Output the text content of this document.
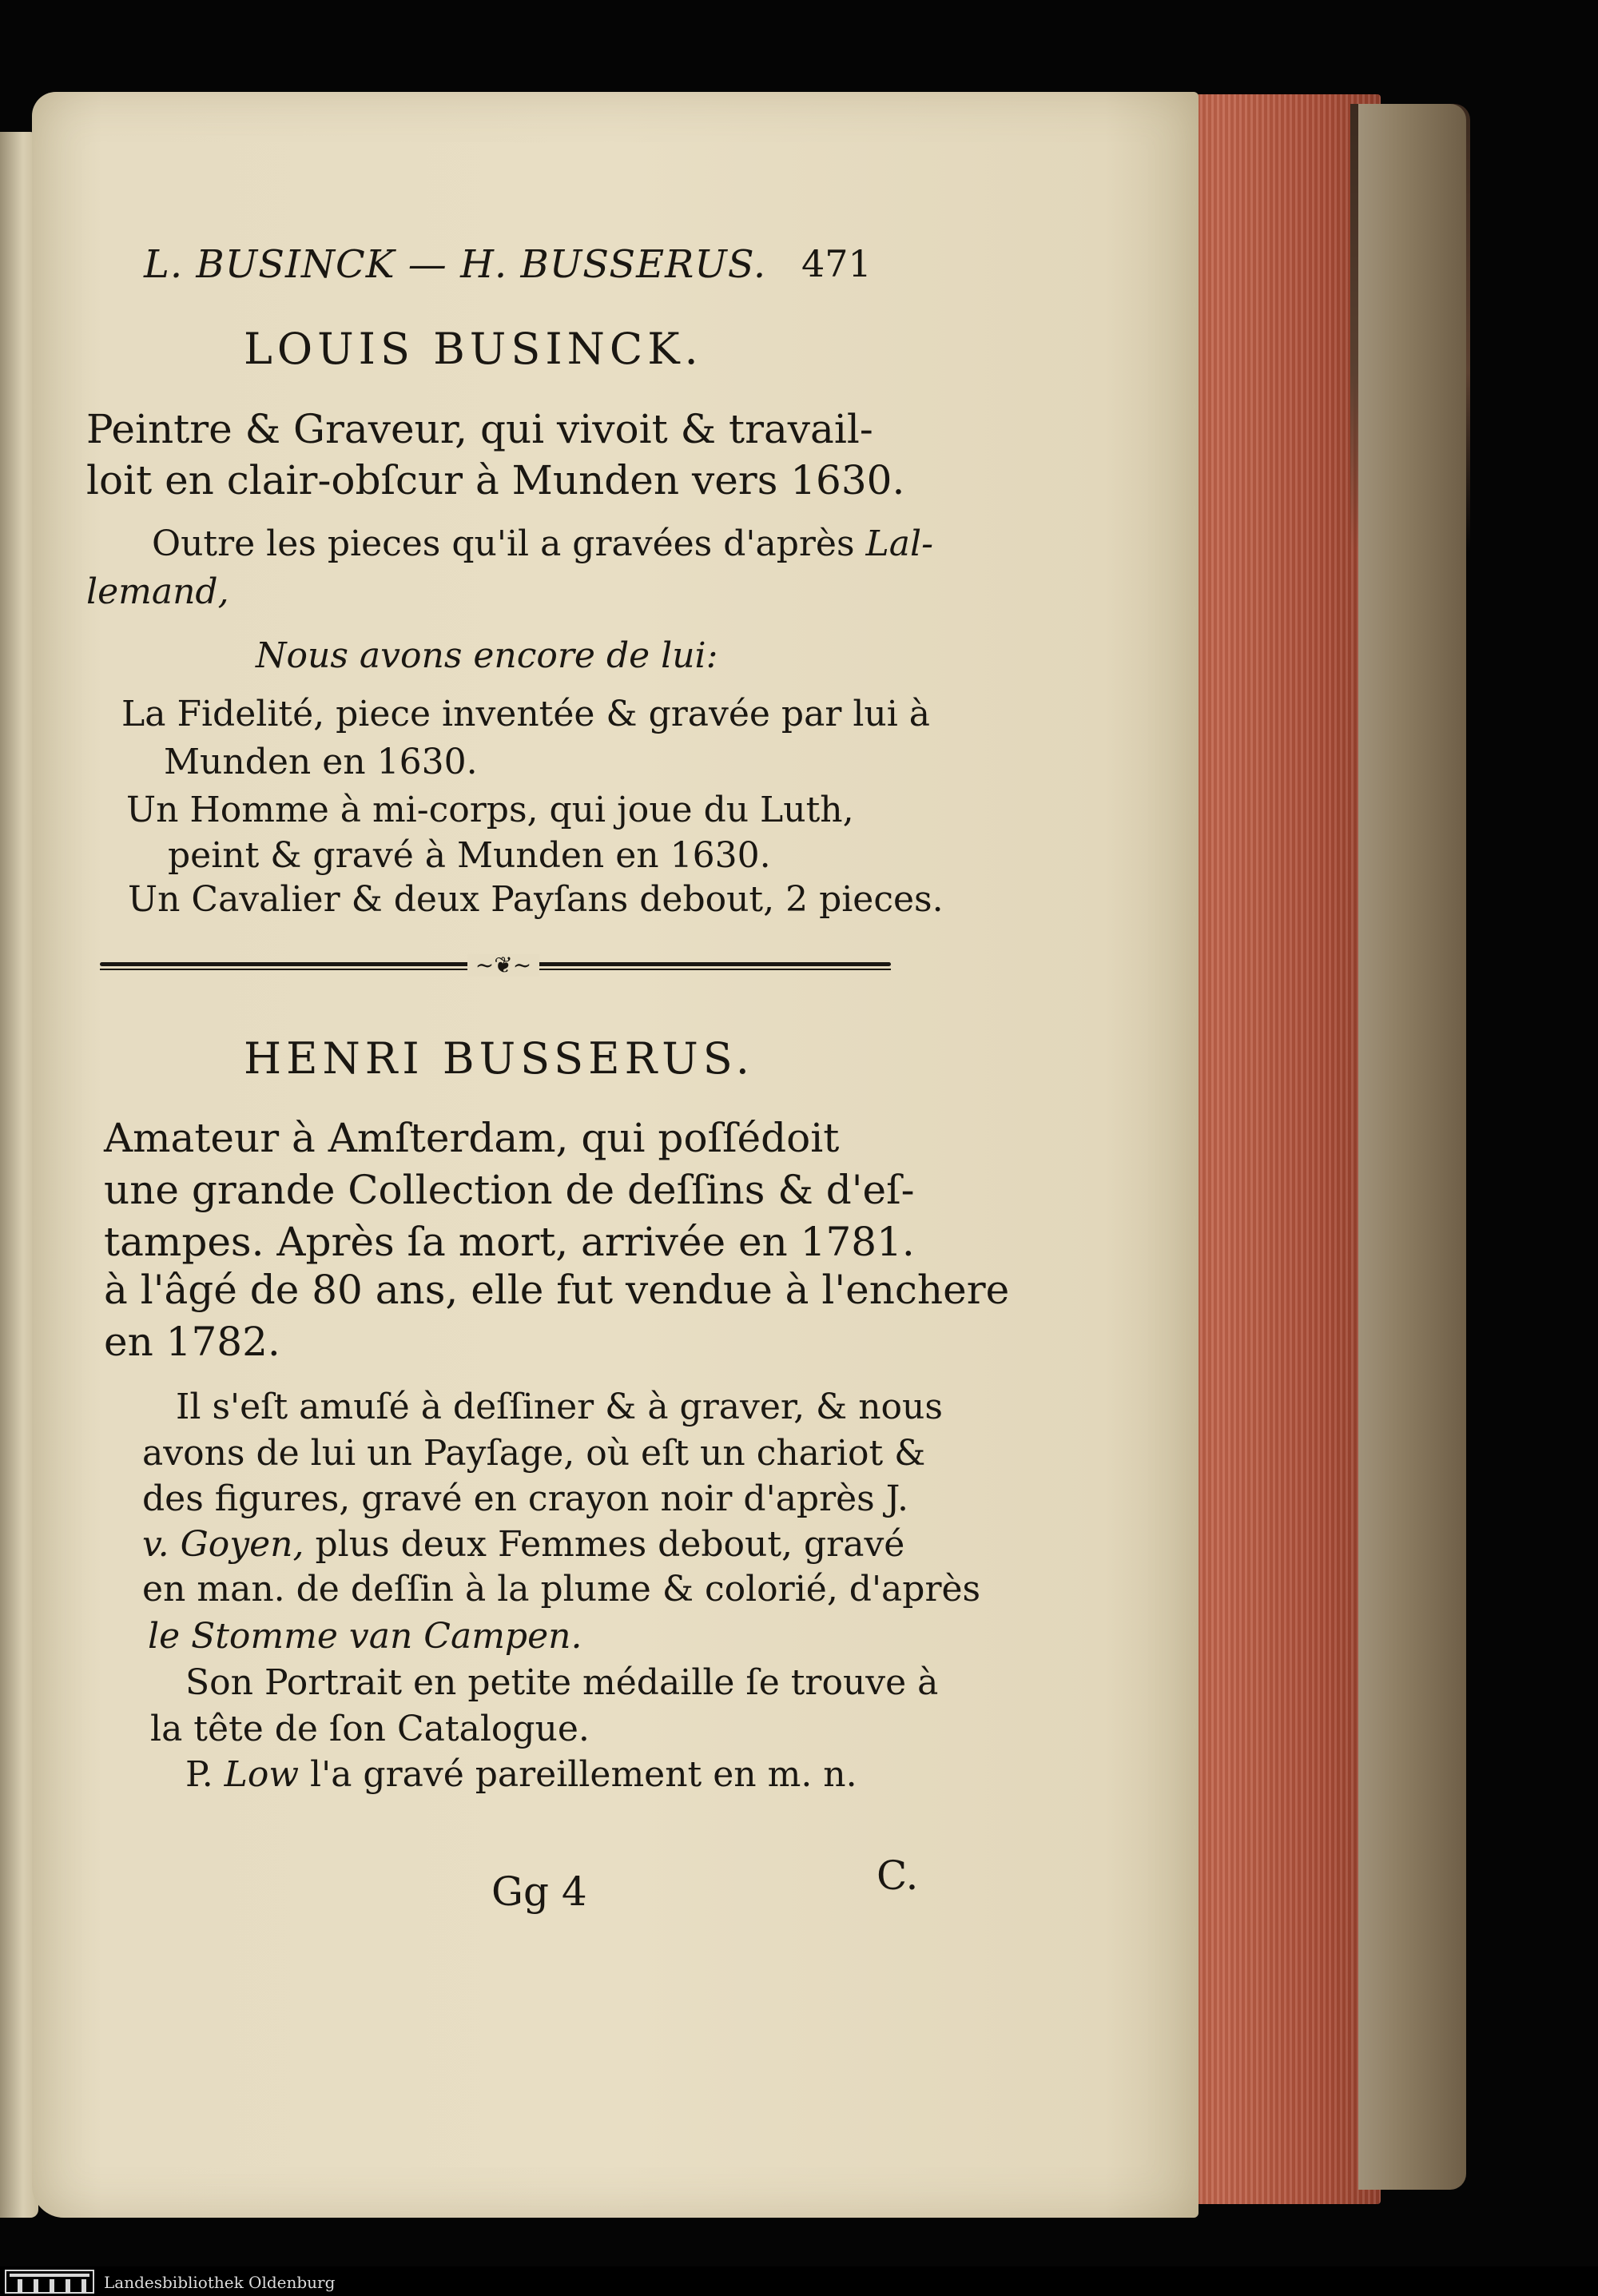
L. BUSINCK — H. BUSSERUS. 471
LOUIS BUSINCK.
Peintre & Graveur, qui vivoit & travail-
loit en clair-obſcur à Munden vers 1630.
Outre les pieces qu'il a gravées d'après Lal-
lemand,
Nous avons encore de lui:
La Fidelité, piece inventée & gravée par lui à
Munden en 1630.
Un Homme à mi-corps, qui joue du Luth,
peint & gravé à Munden en 1630.
Un Cavalier & deux Payſans debout, 2 pieces.
~❦~
HENRI BUSSERUS.
Amateur à Amſterdam, qui poſſédoit
une grande Collection de deſſins & d'eſ-
tampes. Après ſa mort, arrivée en 1781.
à l'âgé de 80 ans, elle fut vendue à l'enchere
en 1782.
Il s'eſt amuſé à deſſiner & à graver, & nous
avons de lui un Payſage, où eſt un chariot &
des figures, gravé en crayon noir d'après J.
v. Goyen, plus deux Femmes debout, gravé
en man. de deſſin à la plume & colorié, d'après
le Stomme van Campen.
Son Portrait en petite médaille ſe trouve à
la tête de ſon Catalogue.
P. Low l'a gravé pareillement en m. n.
Gg 4	C.
Landesbibliothek Oldenburg
